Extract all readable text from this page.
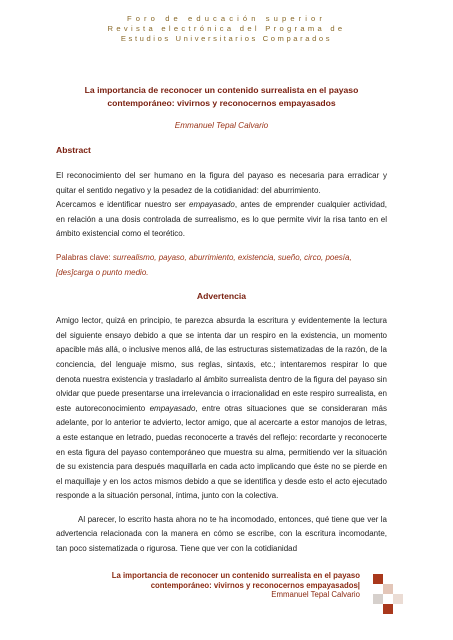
Foro de educación superior
Revista electrónica del Programa de
Estudios Universitarios Comparados

La importancia de reconocer un contenido surrealista en el payaso
contemporáneo: vivirnos y reconocernos empayasados

Emmanuel Tepal Calvario
Abstract

El reconocimiento del ser humano en la figura del payaso es necesaria para erradicar y quitar el sentido negativo y la pesadez de la cotidianidad: del aburrimiento.

Acercamos e identificar nuestro ser empayasado, antes de emprender cualquier actividad, en relación a una dosis controlada de surrealismo, es lo que permite vivir la risa tanto en el ámbito existencial como el teorético.

Palabras clave: surrealismo, payaso, aburrimiento, existencia, sueño, circo, poesía, [des]carga o punto medio.

Advertencia

Amigo lector, quizá en principio, te parezca absurda la escritura y evidentemente la lectura del siguiente ensayo debido a que se intenta dar un respiro en la existencia, un momento apacible más allá, o inclusive menos allá, de las estructuras sistematizadas de la razón, de la conciencia, del lenguaje mismo, sus reglas, sintaxis, etc.; intentaremos respirar lo que denota nuestra existencia y trasladarlo al ámbito surrealista dentro de la figura del payaso sin olvidar que puede presentarse una irrelevancia o irracionalidad en este respiro surrealista, en este autoreconocimiento empayasado, entre otras situaciones que se consideraran más adelante, por lo anterior te advierto, lector amigo, que al acercarte a estor manojos de letras, a este estanque en letrado, puedas reconocerte a través del reflejo: recordarte y reconocerte en esta figura del payaso contemporáneo que muestra su alma, permitiendo ver la situación de su existencia para después maquillarla en cada acto implicando que éste no se pierde en el maquillaje y en los actos mismos debido a que se identifica y desde esto el acto ejecutado responde a la situación personal, íntima, junto con la colectiva.

Al parecer, lo escrito hasta ahora no te ha incomodado, entonces, qué tiene que ver la advertencia relacionada con la manera en cómo se escribe, con la escritura incomodante, tan poco sistematizada o rigurosa. Tiene que ver con la cotidianidad

La importancia de reconocer un contenido surrealista en el payaso
contemporáneo: vivirnos y reconocernos empayasados|
Emmanuel Tepal Calvario
